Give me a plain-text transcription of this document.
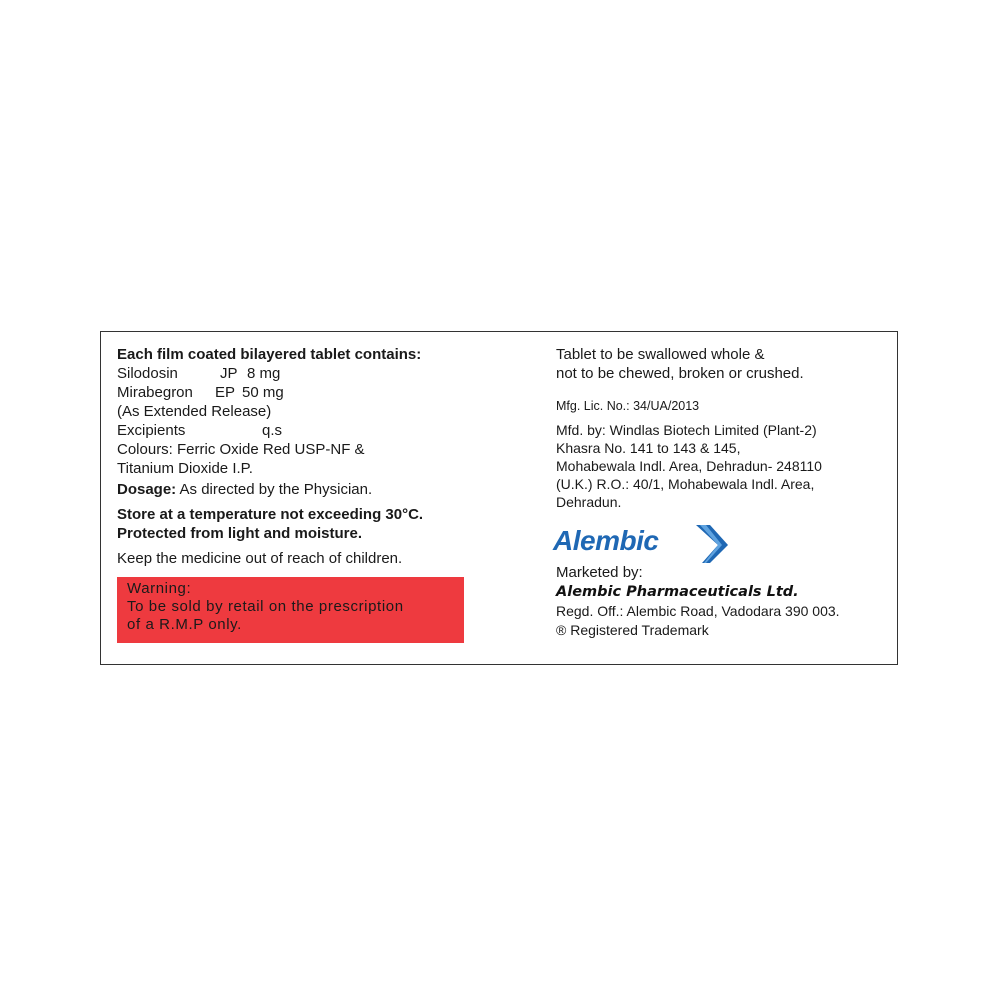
Each film coated bilayered tablet contains:
Silodosin	JP 8 mg
Mirabegron	EP 50 mg
(As Extended Release)
Excipients	q.s
Colours: Ferric Oxide Red USP-NF &
Titanium Dioxide I.P.
Dosage: As directed by the Physician.
Store at a temperature not exceeding 30°C.
Protected from light and moisture.
Keep the medicine out of reach of children.
Warning:
To be sold by retail on the prescription
of a R.M.P only.
Tablet to be swallowed whole &
not to be chewed, broken or crushed.
Mfg. Lic. No.: 34/UA/2013
Mfd. by: Windlas Biotech Limited (Plant-2)
Khasra No. 141 to 143 & 145,
Mohabewala Indl. Area, Dehradun- 248110
(U.K.) R.O.: 40/1, Mohabewala Indl. Area,
Dehradun.
Alembic
Marketed by:
Alembic Pharmaceuticals Ltd.
Regd. Off.: Alembic Road, Vadodara 390 003.
® Registered Trademark
